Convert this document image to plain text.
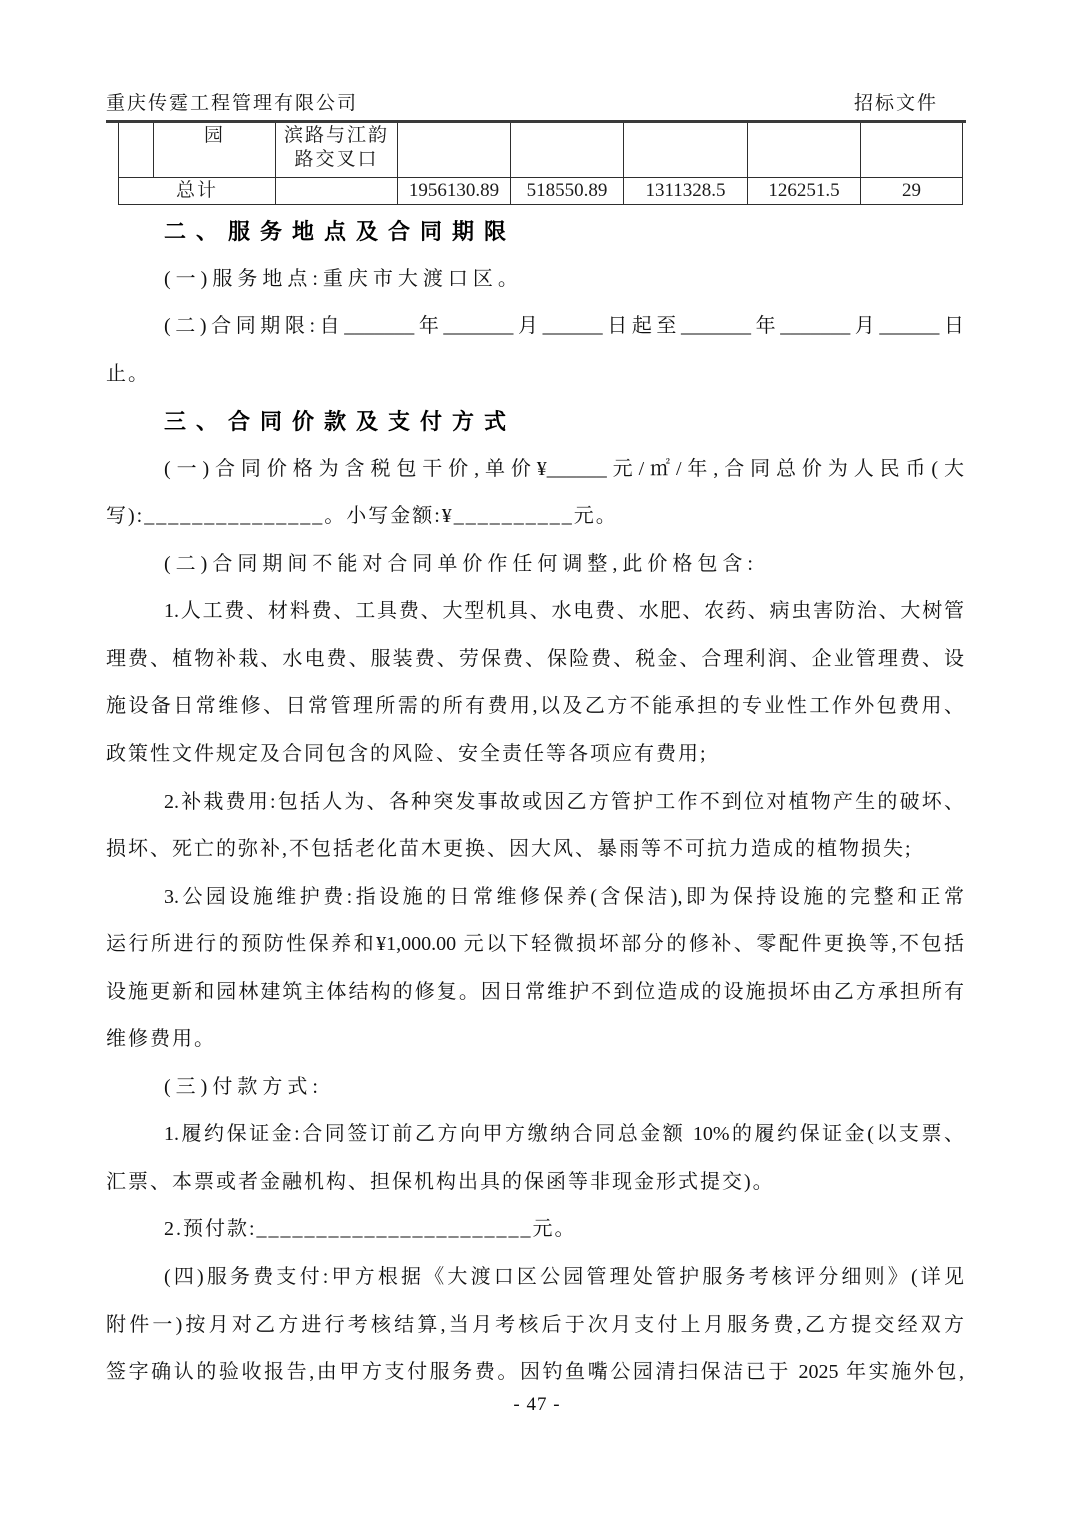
重庆传霆工程管理有限公司	招标文件
	园	滨路与江韵
路交叉口					
总计			1956130.89	518550.89	1311328.5	126251.5	29
二、服务地点及合同期限
(一)服务地点:重庆市大渡口区。
(二)合同期限:自_______年_______月______日起至_______年_______月______日
止。
三、合同价款及支付方式
(一)合同价格为含税包干价,单价¥______元/㎡/年,合同总价为人民币(大
写):_______________。小写金额:¥__________元。
(二)合同期间不能对合同单价作任何调整,此价格包含:
1.人工费、材料费、工具费、大型机具、水电费、水肥、农药、病虫害防治、大树管
理费、植物补栽、水电费、服装费、劳保费、保险费、税金、合理利润、企业管理费、设
施设备日常维修、日常管理所需的所有费用,以及乙方不能承担的专业性工作外包费用、
政策性文件规定及合同包含的风险、安全责任等各项应有费用;
2.补栽费用:包括人为、各种突发事故或因乙方管护工作不到位对植物产生的破坏、
损坏、死亡的弥补,不包括老化苗木更换、因大风、暴雨等不可抗力造成的植物损失;
3.公园设施维护费:指设施的日常维修保养(含保洁),即为保持设施的完整和正常
运行所进行的预防性保养和¥1,000.00 元以下轻微损坏部分的修补、零配件更换等,不包括
设施更新和园林建筑主体结构的修复。因日常维护不到位造成的设施损坏由乙方承担所有
维修费用。
(三)付款方式:
1.履约保证金:合同签订前乙方向甲方缴纳合同总金额 10%的履约保证金(以支票、
汇票、本票或者金融机构、担保机构出具的保函等非现金形式提交)。
2.预付款:_______________________元。
(四)服务费支付:甲方根据《大渡口区公园管理处管护服务考核评分细则》(详见
附件一)按月对乙方进行考核结算,当月考核后于次月支付上月服务费,乙方提交经双方
签字确认的验收报告,由甲方支付服务费。因钓鱼嘴公园清扫保洁已于 2025 年实施外包,
- 47 -
